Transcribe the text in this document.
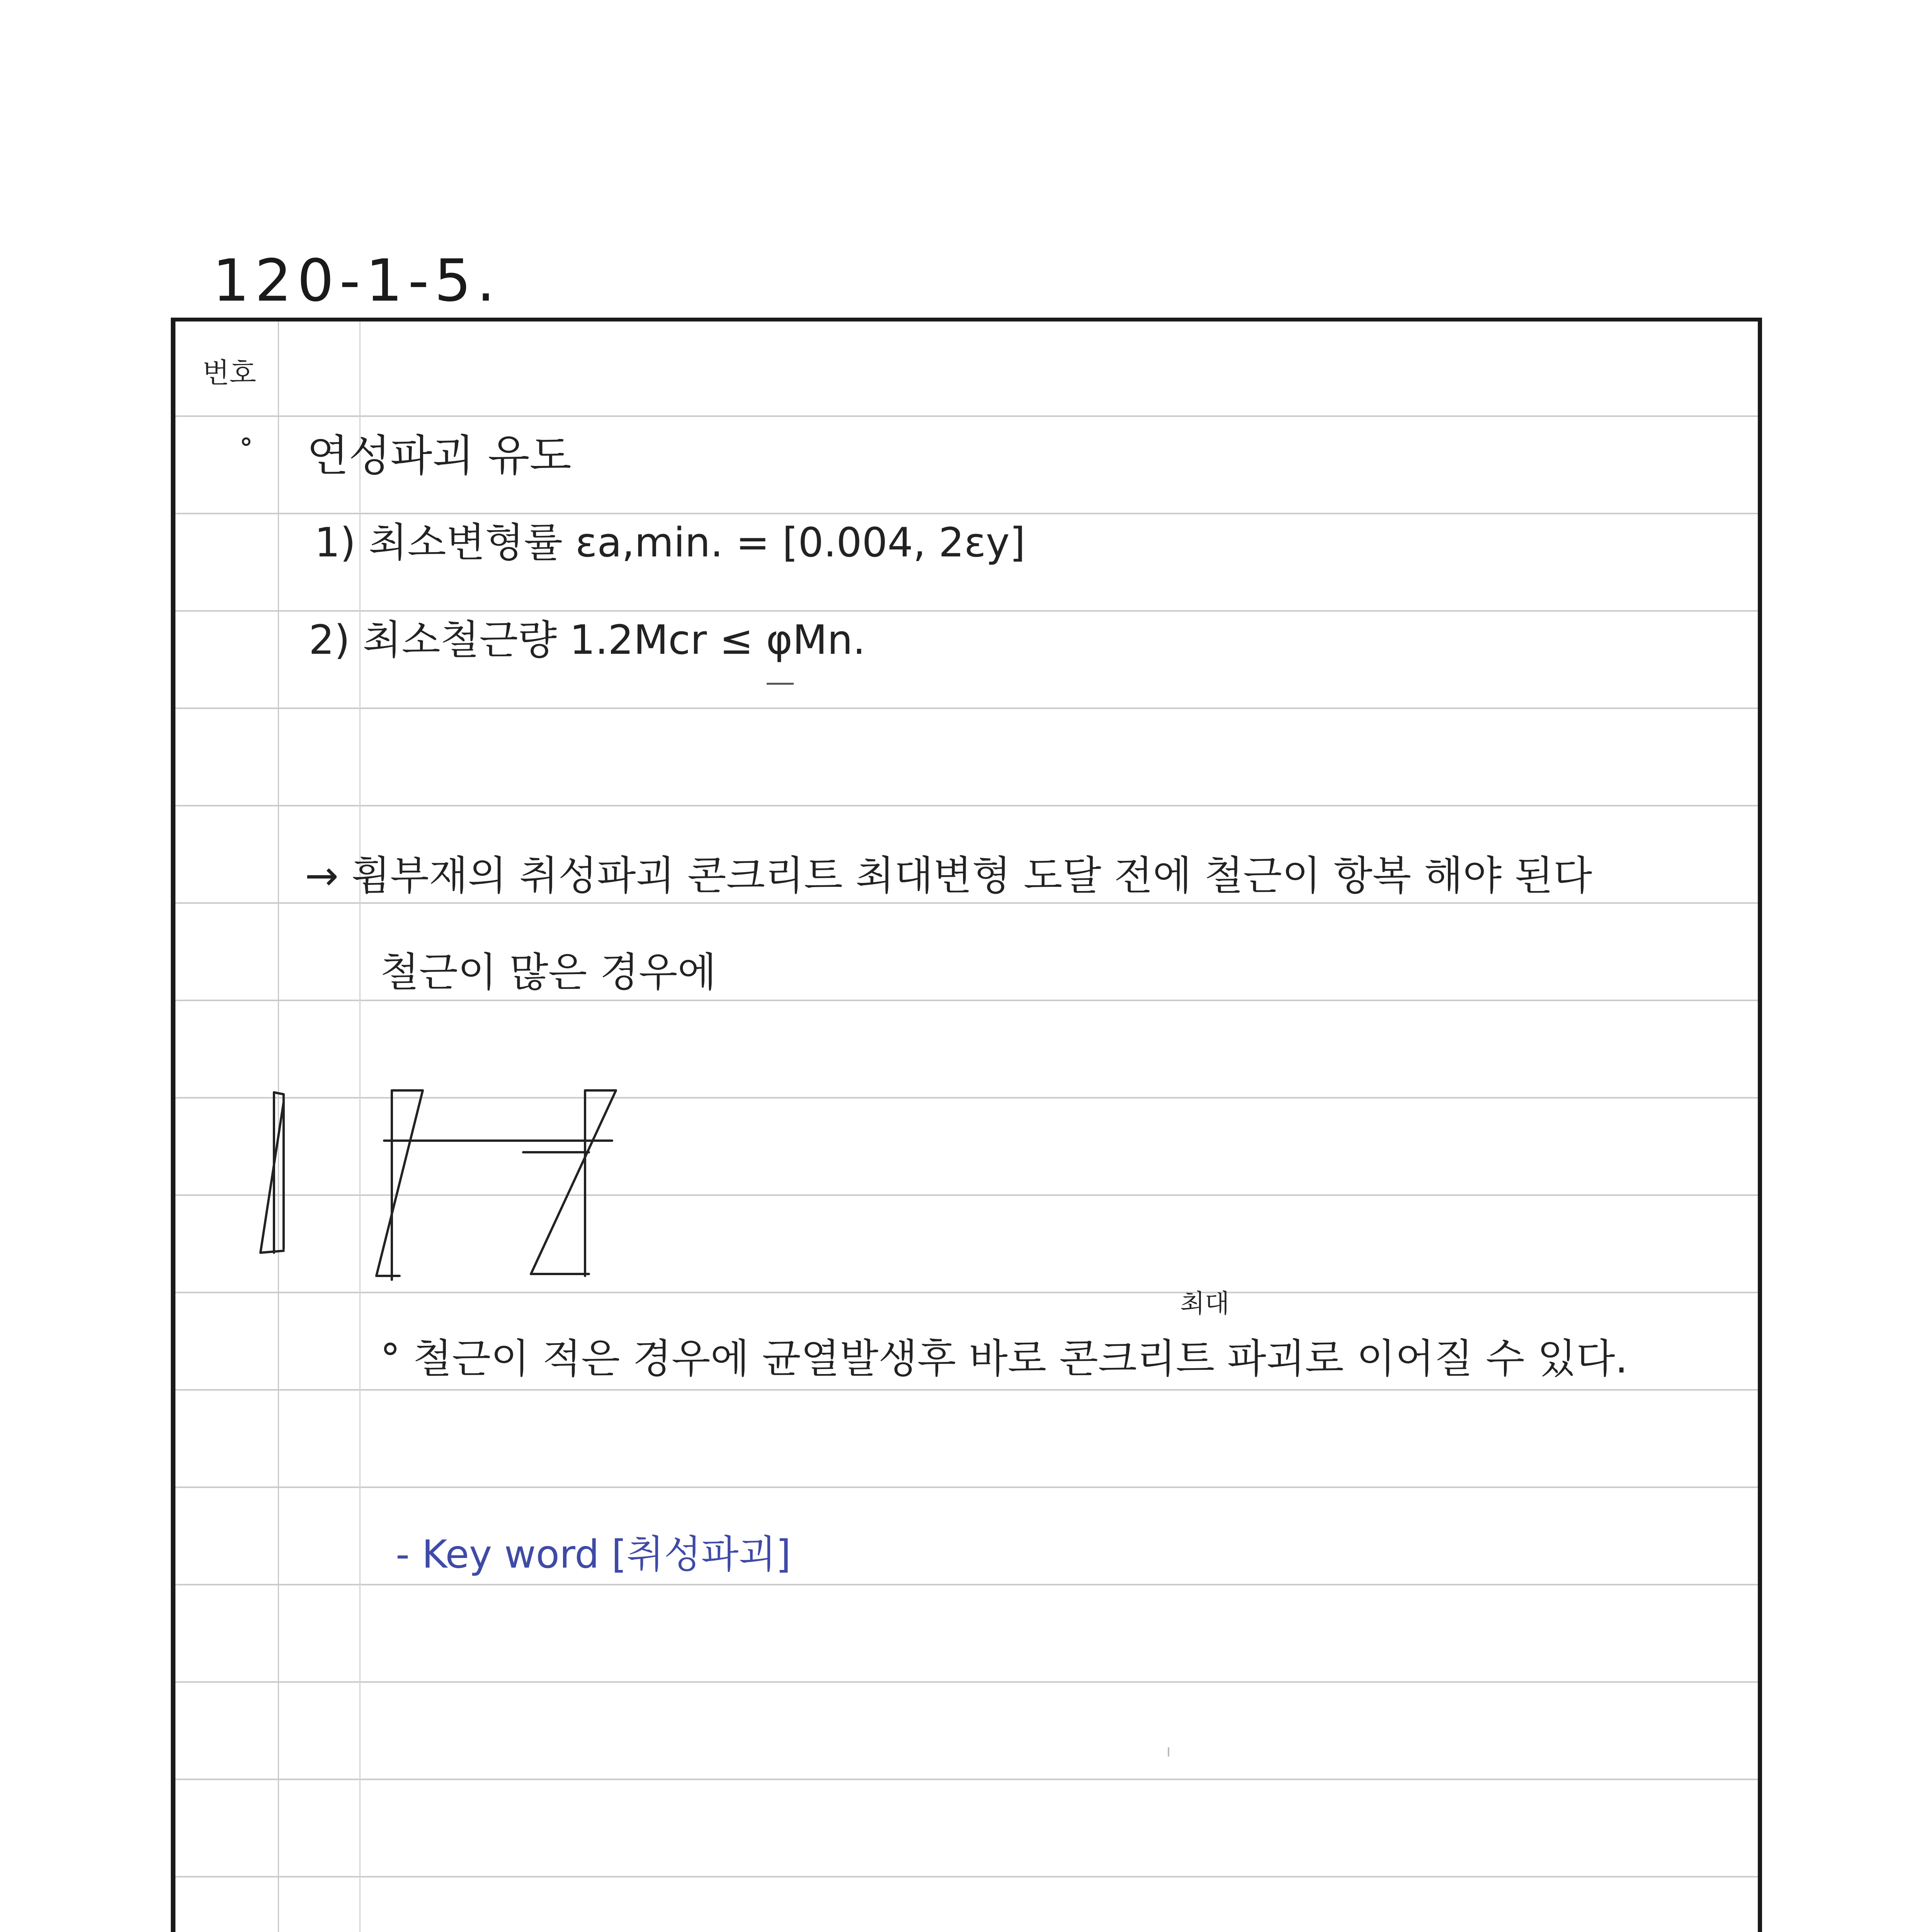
120-1-5.
번호
연성파괴 유도
1) 최소변형률 εa,min. = [0.004, 2εy]
2) 최소철근량 1.2Mcr ≤ φMn.
→ 휨부재의 취성파괴 콘크리트 최대변형 도달 전에 철근이 항복 해야 된다
철근이 많은 경우에
최대
° 철근이 적은 경우에 균열발생후 바로 콘크리트 파괴로 이어질 수 있다.
- Key word [취성파괴]
